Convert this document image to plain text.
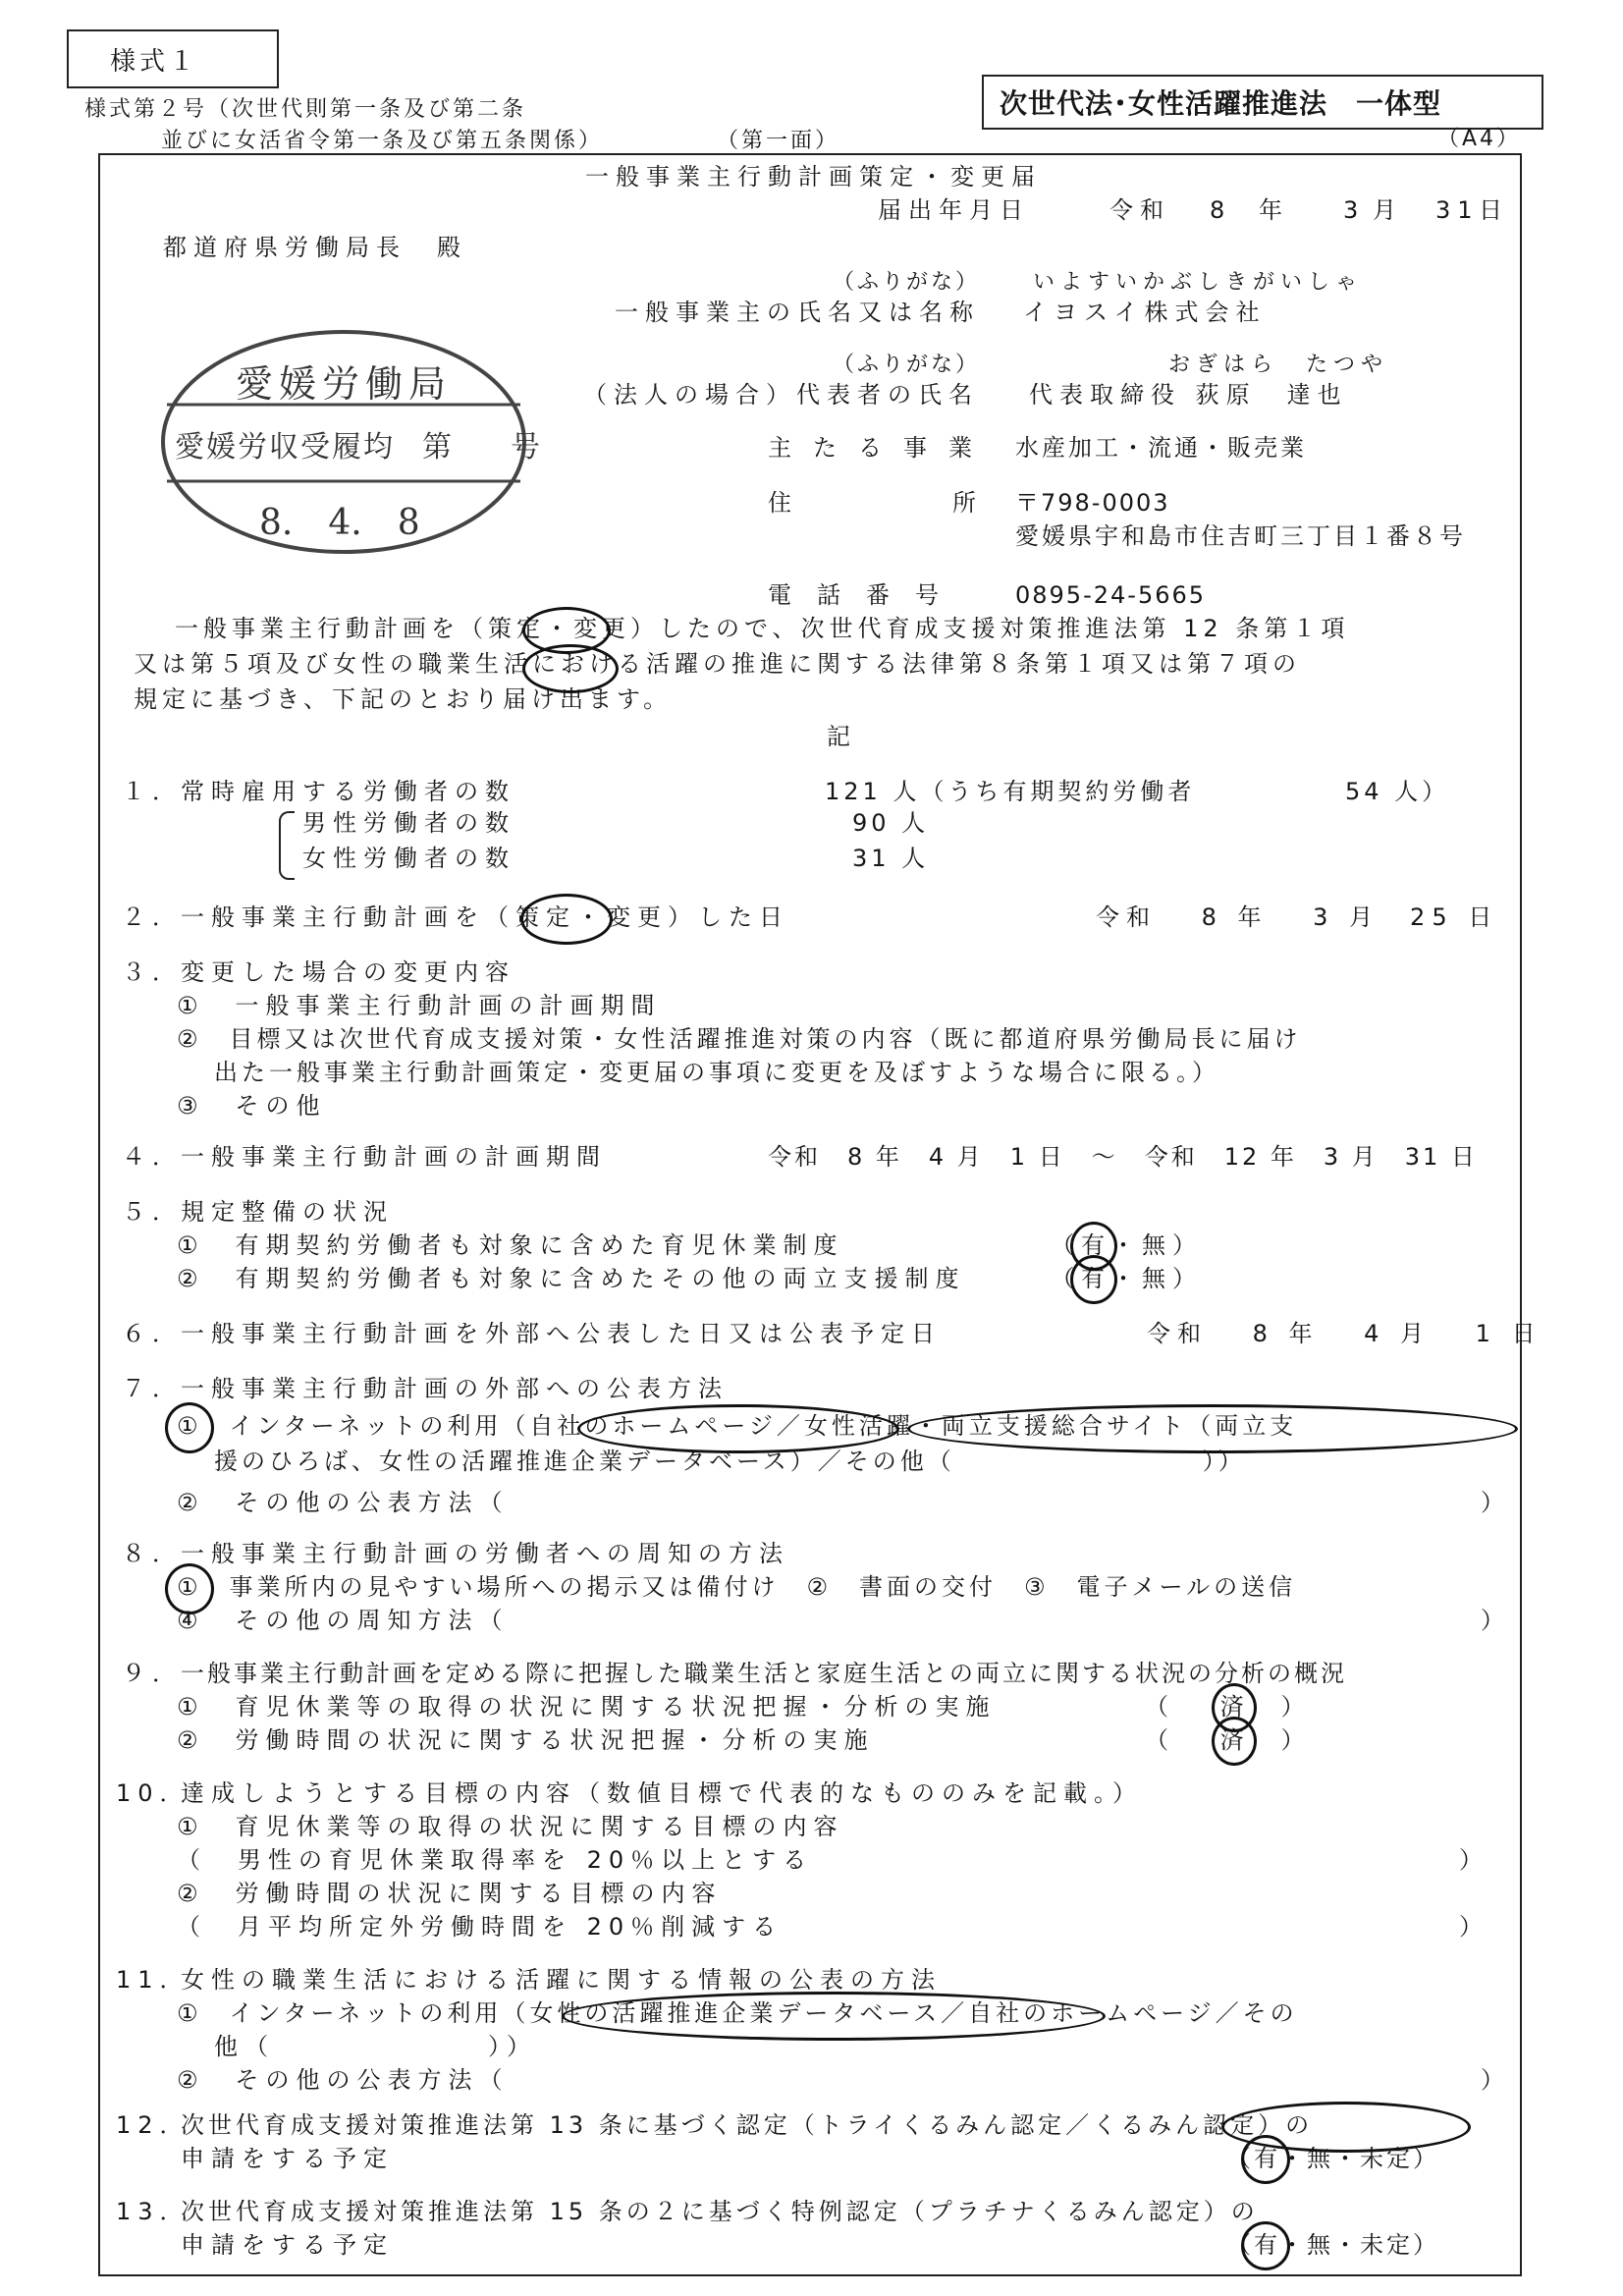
様式１
様式第２号（次世代則第一条及び第二条
並びに女活省令第一条及び第五条関係）	（第一面）
次世代法･女性活躍推進法　一体型
（A4）
一般事業主行動計画策定・変更届
届出年月日	令和 8 年 3 月 31 日
都道府県労働局長　殿
愛媛労働局
愛媛労収受履均 第　　号
8.　4.　8
（ふりがな） いよすいかぶしきがいしゃ
一般事業主の氏名又は名称 イヨスイ株式会社
（ふりがな）	おぎはら　たつや
（法人の場合）代表者の氏名 代表取締役 荻原　達也
主たる事業 水産加工・流通・販売業
住	所 〒798-0003
愛媛県宇和島市住吉町三丁目１番８号
電話番号 0895-24-5665
一般事業主行動計画を（策定・変更）したので、次世代育成支援対策推進法第 12 条第１項
又は第５項及び女性の職業生活における活躍の推進に関する法律第８条第１項又は第７項の
規定に基づき、下記のとおり届け出ます。
記
１．
常時雇用する労働者の数	121 人（うち有期契約労働者	54 人）
男性労働者の数	90 人
女性労働者の数	31 人
２．
一般事業主行動計画を（策定・変更）した日	令和　 8 年　 3 月　25 日
３．
変更した場合の変更内容
①　一般事業主行動計画の計画期間
②　目標又は次世代育成支援対策・女性活躍推進対策の内容（既に都道府県労働局長に届け
出た一般事業主行動計画策定・変更届の事項に変更を及ぼすような場合に限る。）
③　その他
４．
一般事業主行動計画の計画期間	令和　8 年　4 月　1 日　～　令和　12 年　3 月　31 日
５．
規定整備の状況
①　有期契約労働者も対象に含めた育児休業制度	（有・無）
②　有期契約労働者も対象に含めたその他の両立支援制度	（有・無）
６．
一般事業主行動計画を外部へ公表した日又は公表予定日	令和　 8 年　 4 月　 1 日
７．
一般事業主行動計画の外部への公表方法
①　インターネットの利用（自社のホームページ／女性活躍・両立支援総合サイト（両立支
援のひろば、女性の活躍推進企業データベース）／その他（　　　　　　　　　））
②　その他の公表方法（	）
８．
一般事業主行動計画の労働者への周知の方法
①　事業所内の見やすい場所への掲示又は備付け　②　書面の交付　③　電子メールの送信
④　その他の周知方法（	）
９．
一般事業主行動計画を定める際に把握した職業生活と家庭生活との両立に関する状況の分析の概況
①　育児休業等の取得の状況に関する状況把握・分析の実施	（　 済　）
②　労働時間の状況に関する状況把握・分析の実施	（　 済　）
10．
達成しようとする目標の内容（数値目標で代表的なもののみを記載。）
①　育児休業等の取得の状況に関する目標の内容
（　男性の育児休業取得率を 20％以上とする	）
②　労働時間の状況に関する目標の内容
（　月平均所定外労働時間を 20％削減する	）
11．
女性の職業生活における活躍に関する情報の公表の方法
①　インターネットの利用（女性の活躍推進企業データベース／自社のホームページ／その
他（　　　　　　　））
②　その他の公表方法（	）
12．
次世代育成支援対策推進法第 13 条に基づく認定（トライくるみん認定／くるみん認定）の
申請をする予定	（有・無・未定）
13．
次世代育成支援対策推進法第 15 条の２に基づく特例認定（プラチナくるみん認定）の
申請をする予定	（有・無・未定）
